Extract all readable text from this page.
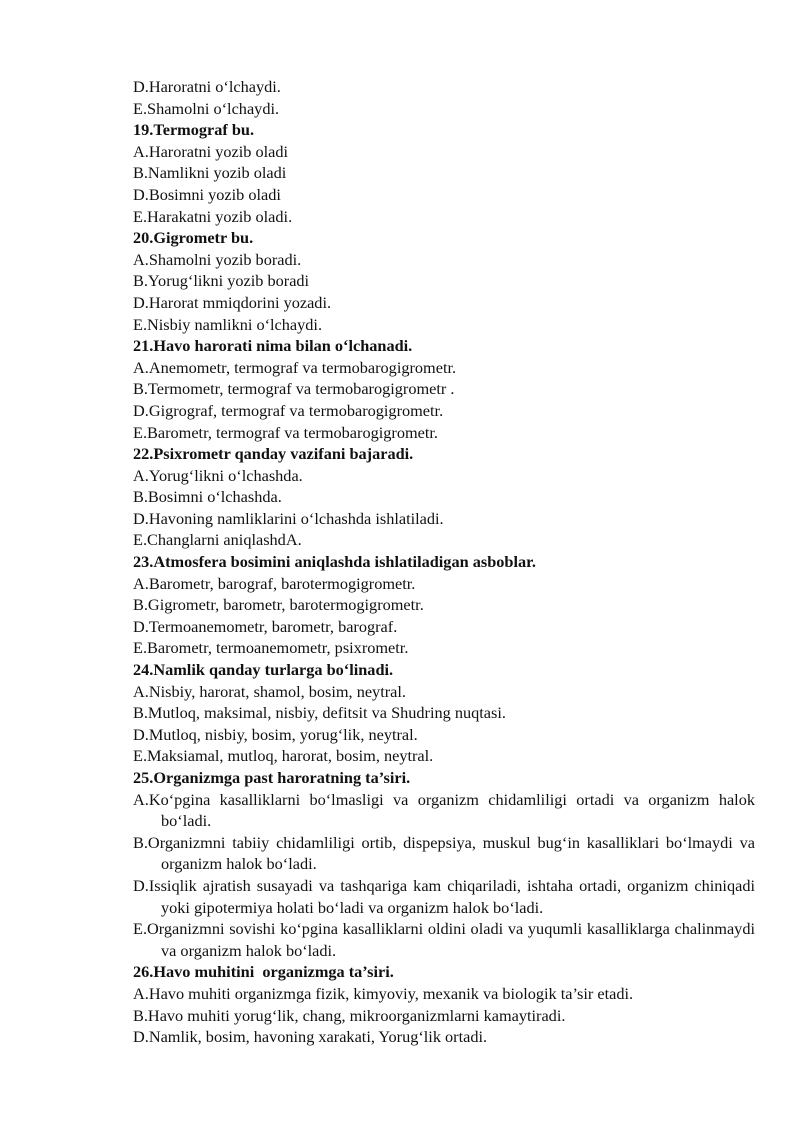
D.Haroratni o‘lchaydi.
E.Shamolni o‘lchaydi.
19.Termograf bu.
A.Haroratni yozib oladi
B.Namlikni yozib oladi
D.Bosimni yozib oladi
E.Harakatni yozib oladi.
20.Gigrometr bu.
A.Shamolni yozib boradi.
B.Yorug‘likni yozib boradi
D.Harorat mmiqdorini yozadi.
E.Nisbiy namlikni o‘lchaydi.
21.Havo harorati nima bilan o‘lchanadi.
A.Anemometr, termograf va termobarogigrometr.
B.Termometr, termograf va termobarogigrometr .
D.Gigrograf, termograf va termobarogigrometr.
E.Barometr, termograf va termobarogigrometr.
22.Psixrometr qanday vazifani bajaradi.
A.Yorug‘likni o‘lchashda.
B.Bosimni o‘lchashda.
D.Havoning namliklarini o‘lchashda ishlatiladi.
E.Changlarni aniqlashdA.
23.Atmosfera bosimini aniqlashda ishlatiladigan asboblar.
A.Barometr, barograf, barotermogigrometr.
B.Gigrometr, barometr, barotermogigrometr.
D.Termoanemometr, barometr, barograf.
E.Barometr, termoanemometr, psixrometr.
24.Namlik qanday turlarga bo‘linadi.
A.Nisbiy, harorat, shamol, bosim, neytral.
B.Mutloq, maksimal, nisbiy, defitsit va Shudring nuqtasi.
D.Mutloq, nisbiy, bosim, yorug‘lik, neytral.
E.Maksiamal, mutloq, harorat, bosim, neytral.
25.Organizmga past haroratning ta’siri.
A.Ko‘pgina kasalliklarni bo‘lmasligi va organizm chidamliligi ortadi va organizm halok bo‘ladi.
B.Organizmni tabiiy chidamliligi ortib, dispepsiya, muskul bug‘in kasalliklari bo‘lmaydi va organizm halok bo‘ladi.
D.Issiqlik ajratish susayadi va tashqariga kam chiqariladi, ishtaha ortadi, organizm chiniqadi yoki gipotermiya holati bo‘ladi va organizm halok bo‘ladi.
E.Organizmni sovishi ko‘pgina kasalliklarni oldini oladi va yuqumli kasalliklarga chalinmaydi va organizm halok bo‘ladi.
26.Havo muhitini  organizmga ta’siri.
A.Havo muhiti organizmga fizik, kimyoviy, mexanik va biologik ta’sir etadi.
B.Havo muhiti yorug‘lik, chang, mikroorganizmlarni kamaytiradi.
D.Namlik, bosim, havoning xarakati, Yorug‘lik ortadi.
